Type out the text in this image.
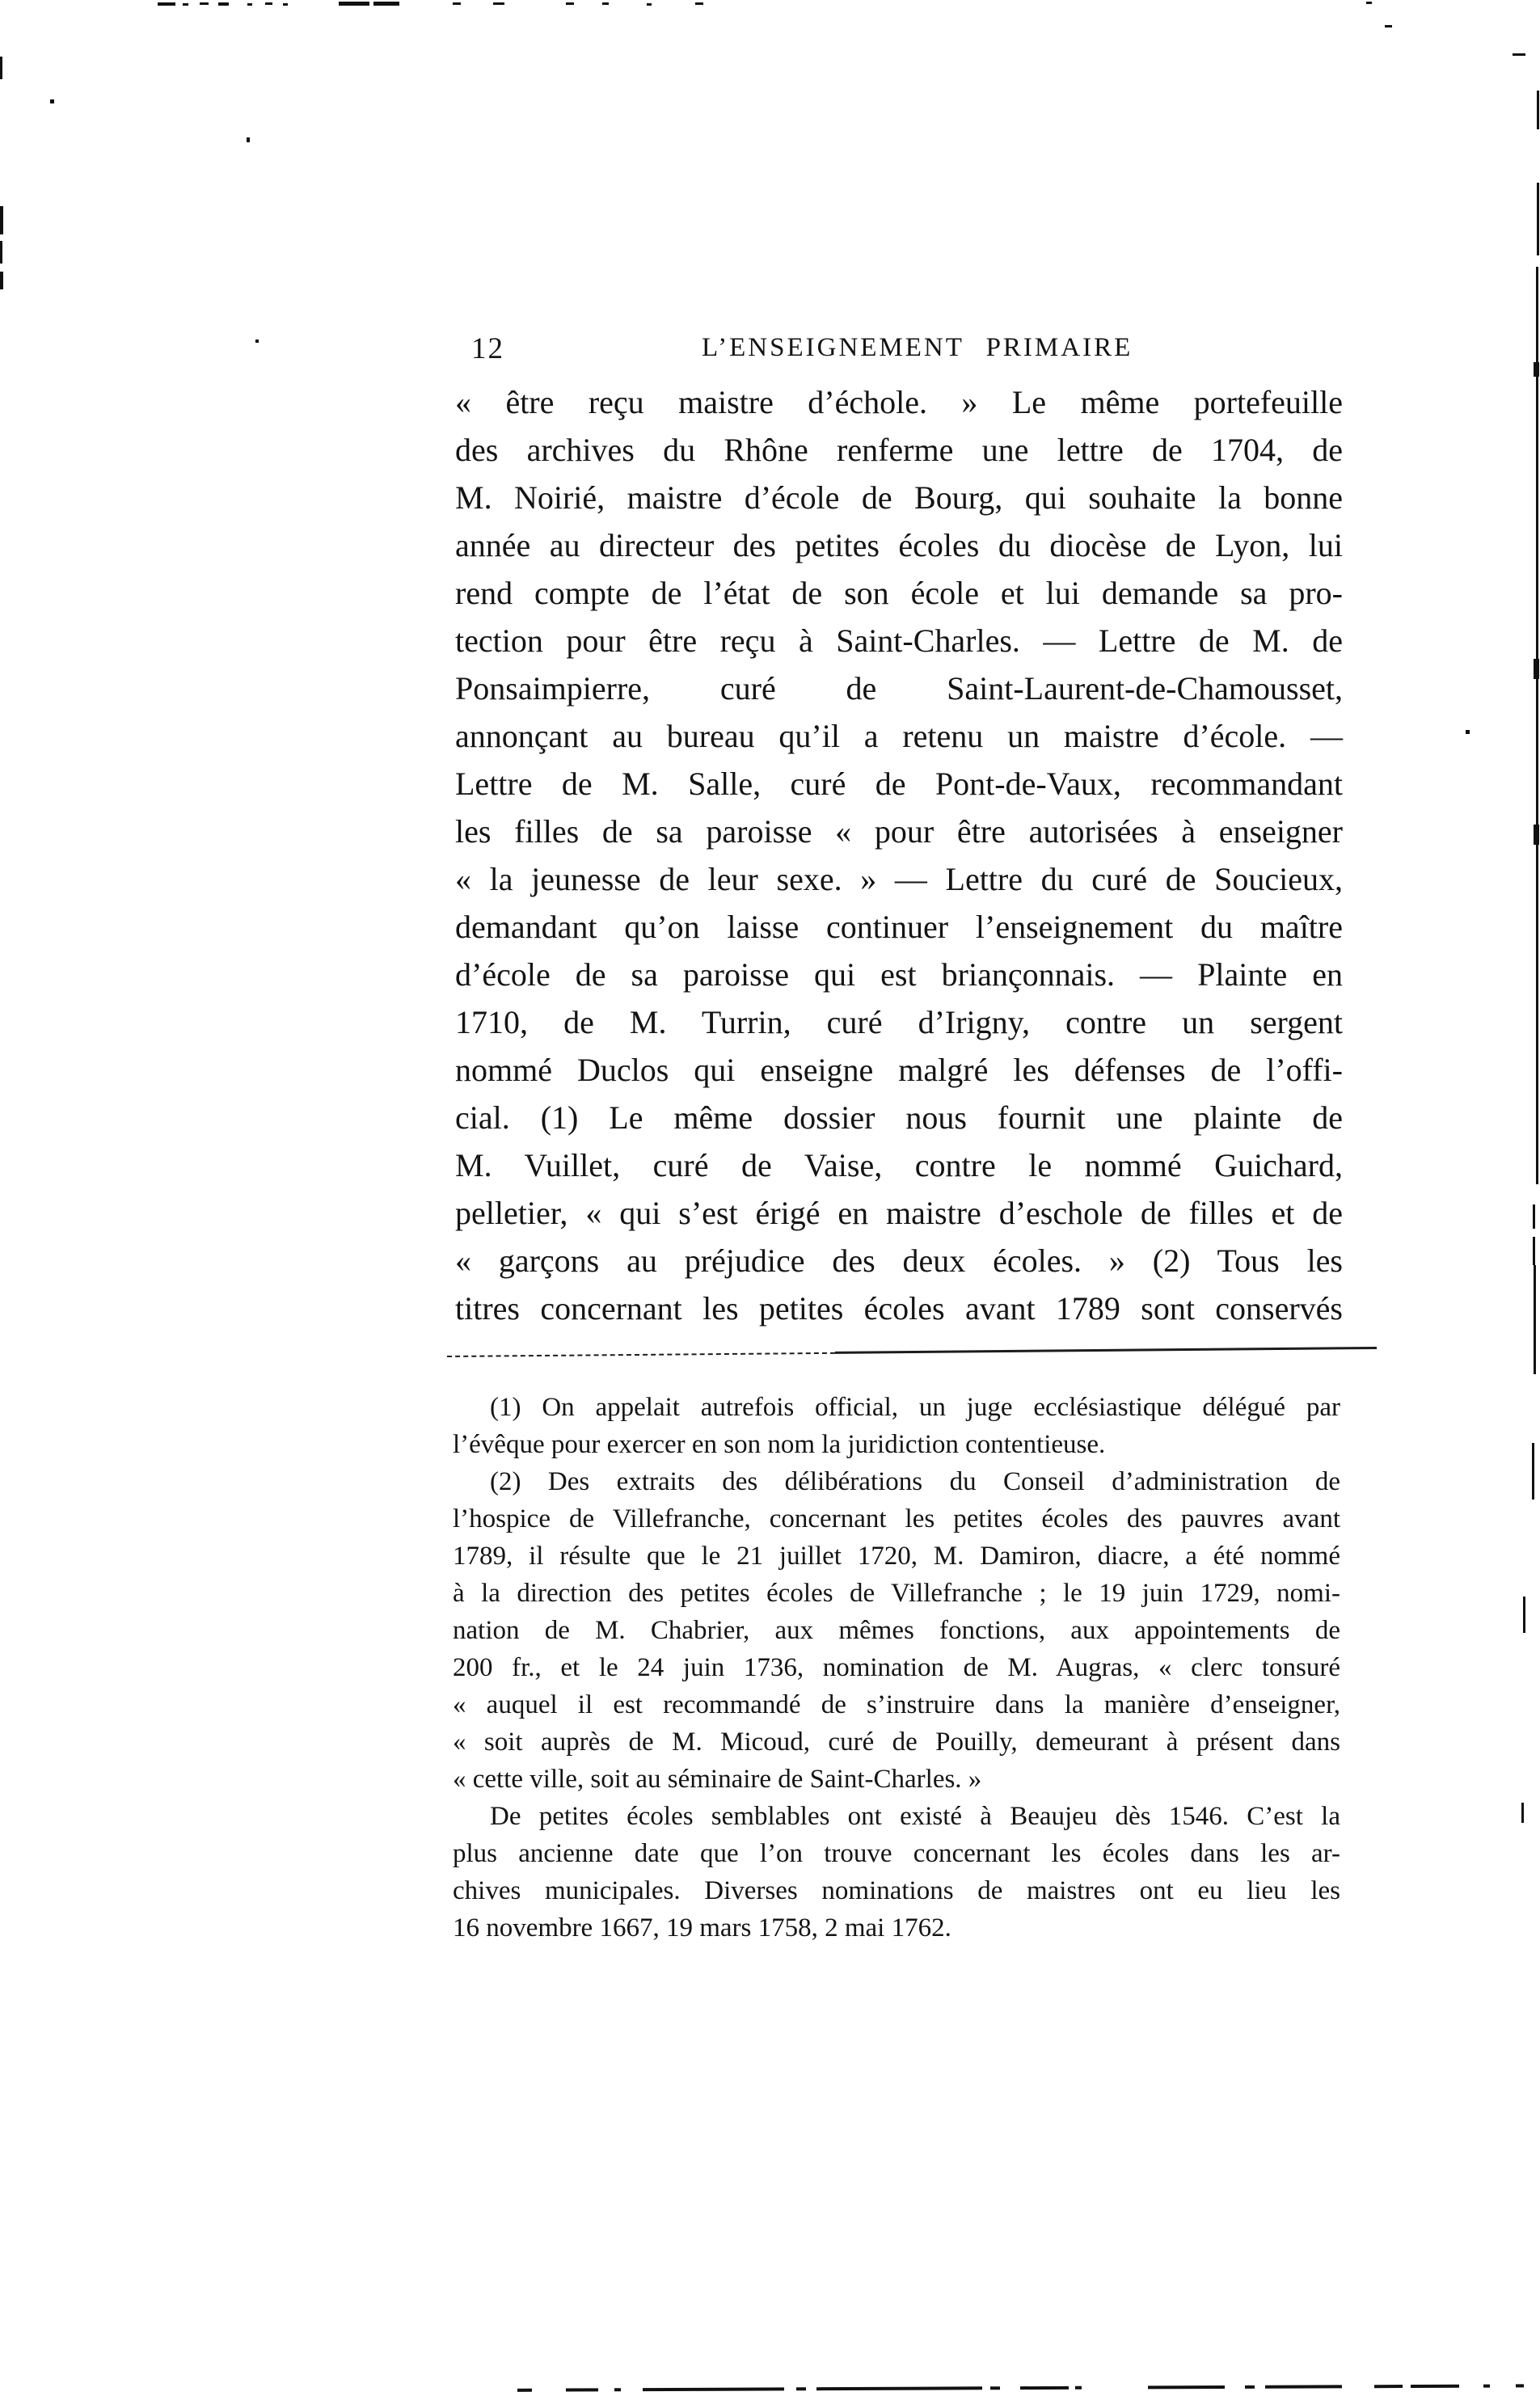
12	L’ENSEIGNEMENT PRIMAIRE
« être reçu maistre d’échole. » Le même portefeuille
des archives du Rhône renferme une lettre de 1704, de
M. Noirié, maistre d’école de Bourg, qui souhaite la bonne
année au directeur des petites écoles du diocèse de Lyon, lui
rend compte de l’état de son école et lui demande sa pro-
tection pour être reçu à Saint-Charles. — Lettre de M. de
Ponsaimpierre, curé de Saint-Laurent-de-Chamousset,
annonçant au bureau qu’il a retenu un maistre d’école. —
Lettre de M. Salle, curé de Pont-de-Vaux, recommandant
les filles de sa paroisse « pour être autorisées à enseigner
« la jeunesse de leur sexe. » — Lettre du curé de Soucieux,
demandant qu’on laisse continuer l’enseignement du maître
d’école de sa paroisse qui est briançonnais. — Plainte en
1710, de M. Turrin, curé d’Irigny, contre un sergent
nommé Duclos qui enseigne malgré les défenses de l’offi-
cial. (1) Le même dossier nous fournit une plainte de
M. Vuillet, curé de Vaise, contre le nommé Guichard,
pelletier, « qui s’est érigé en maistre d’eschole de filles et de
« garçons au préjudice des deux écoles. » (2) Tous les
titres concernant les petites écoles avant 1789 sont conservés
(1) On appelait autrefois official, un juge ecclésiastique délégué par
l’évêque pour exercer en son nom la juridiction contentieuse.
(2) Des extraits des délibérations du Conseil d’administration de
l’hospice de Villefranche, concernant les petites écoles des pauvres avant
1789, il résulte que le 21 juillet 1720, M. Damiron, diacre, a été nommé
à la direction des petites écoles de Villefranche ; le 19 juin 1729, nomi-
nation de M. Chabrier, aux mêmes fonctions, aux appointements de
200 fr., et le 24 juin 1736, nomination de M. Augras, « clerc tonsuré
« auquel il est recommandé de s’instruire dans la manière d’enseigner,
« soit auprès de M. Micoud, curé de Pouilly, demeurant à présent dans
« cette ville, soit au séminaire de Saint-Charles. »
De petites écoles semblables ont existé à Beaujeu dès 1546. C’est la
plus ancienne date que l’on trouve concernant les écoles dans les ar-
chives municipales. Diverses nominations de maistres ont eu lieu les
16 novembre 1667, 19 mars 1758, 2 mai 1762.
